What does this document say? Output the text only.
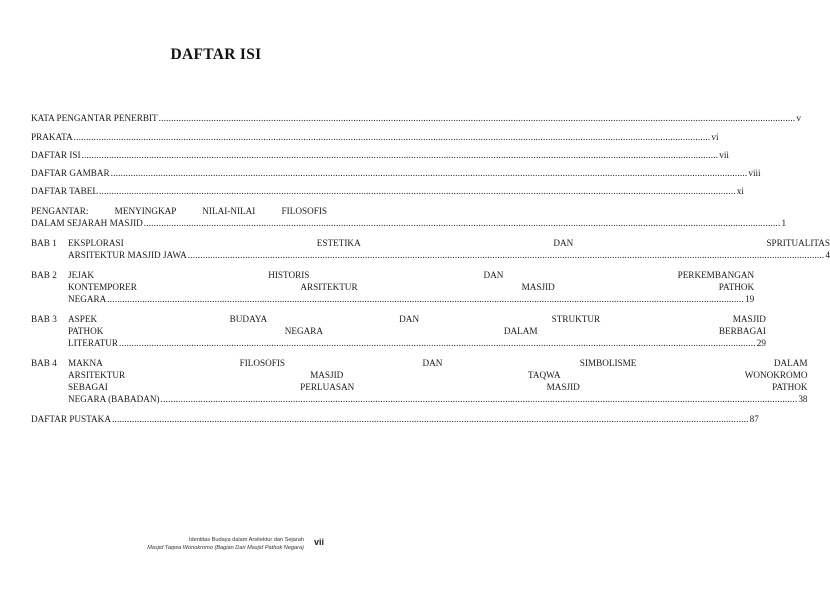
DAFTAR ISI
KATA PENGANTAR PENERBIT .....	v
PRAKATA .....	vi
DAFTAR ISI .....	vii
DAFTAR GAMBAR .....	viii
DAFTAR TABEL .....	xi
PENGANTAR: MENYINGKAP NILAI-NILAI FILOSOFIS
DALAM SEJARAH MASJID .....	1
BAB 1	EKSPLORASI ESTETIKA DAN SPRITUALITAS
ARSITEKTUR MASJID JAWA .....	4
BAB 2	JEJAK HISTORIS DAN PERKEMBANGAN
KONTEMPORER ARSITEKTUR MASJID PATHOK
NEGARA .....	19
BAB 3	ASPEK BUDAYA DAN STRUKTUR MASJID
PATHOK NEGARA DALAM BERBAGAI
LITERATUR .....	29
BAB 4	MAKNA FILOSOFIS DAN SIMBOLISME DALAM
ARSITEKTUR MASJID TAQWA WONOKROMO
SEBAGAI PERLUASAN MASJID PATHOK
NEGARA (BABADAN) .....	38
DAFTAR PUSTAKA .....	87
Identitas Budaya dalam Arsitektur dan Sejarah
Masjid Taqwa Wonokromo (Bagian Dari Masjid Pathok Negara)
vii
